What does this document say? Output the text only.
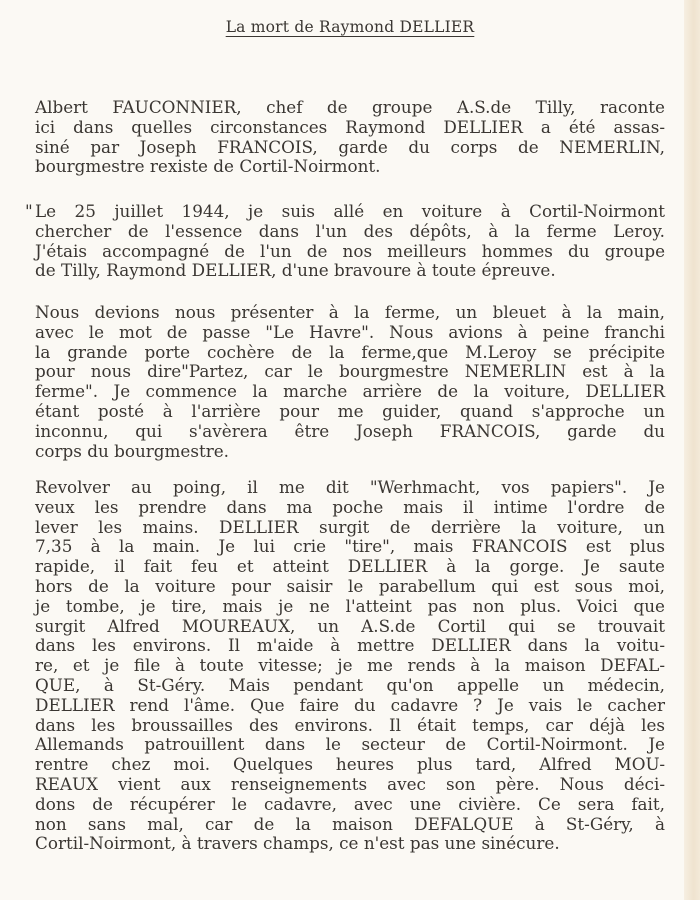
La mort de Raymond DELLIER
Albert FAUCONNIER, chef de groupe A.S.de Tilly, raconte
ici dans quelles circonstances Raymond DELLIER a été assas-
siné par Joseph FRANCOIS, garde du corps de NEMERLIN,
bourgmestre rexiste de Cortil-Noirmont.
" Le 25 juillet 1944, je suis allé en voiture à Cortil-Noirmont
chercher de l'essence dans l'un des dépôts, à la ferme Leroy.
J'étais accompagné de l'un de nos meilleurs hommes du groupe
de Tilly, Raymond DELLIER, d'une bravoure à toute épreuve.
Nous devions nous présenter à la ferme, un bleuet à la main,
avec le mot de passe "Le Havre". Nous avions à peine franchi
la grande porte cochère de la ferme,que M.Leroy se précipite
pour nous dire"Partez, car le bourgmestre NEMERLIN est à la
ferme". Je commence la marche arrière de la voiture, DELLIER
étant posté à l'arrière pour me guider, quand s'approche un
inconnu, qui s'avèrera être Joseph FRANCOIS, garde du
corps du bourgmestre.
Revolver au poing, il me dit "Werhmacht, vos papiers". Je
veux les prendre dans ma poche mais il intime l'ordre de
lever les mains. DELLIER surgit de derrière la voiture, un
7,35 à la main. Je lui crie "tire", mais FRANCOIS est plus
rapide, il fait feu et atteint DELLIER à la gorge. Je saute
hors de la voiture pour saisir le parabellum qui est sous moi,
je tombe, je tire, mais je ne l'atteint pas non plus. Voici que
surgit Alfred MOUREAUX, un A.S.de Cortil qui se trouvait
dans les environs. Il m'aide à mettre DELLIER dans la voitu-
re, et je file à toute vitesse; je me rends à la maison DEFAL-
QUE, à St-Géry. Mais pendant qu'on appelle un médecin,
DELLIER rend l'âme. Que faire du cadavre ? Je vais le cacher
dans les broussailles des environs. Il était temps, car déjà les
Allemands patrouillent dans le secteur de Cortil-Noirmont. Je
rentre chez moi. Quelques heures plus tard, Alfred MOU-
REAUX vient aux renseignements avec son père. Nous déci-
dons de récupérer le cadavre, avec une civière. Ce sera fait,
non sans mal, car de la maison DEFALQUE à St-Géry, à
Cortil-Noirmont, à travers champs, ce n'est pas une sinécure.
